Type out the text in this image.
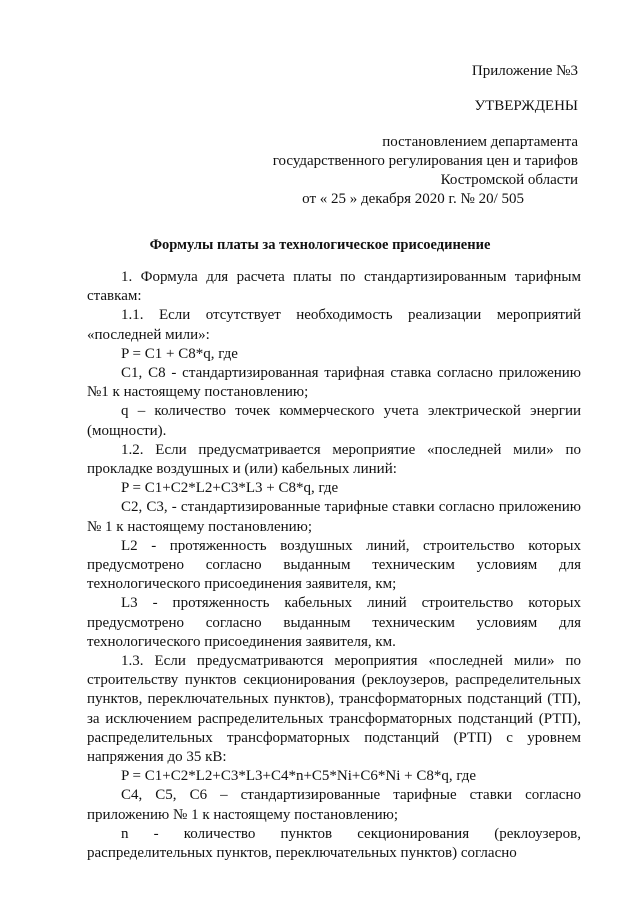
Приложение №3
УТВЕРЖДЕНЫ
постановлением департамента
государственного регулирования цен и тарифов
Костромской области
от « 25 » декабря 2020 г. № 20/ 505
Формулы платы за технологическое присоединение

1. Формула для расчета платы по стандартизированным тарифным ставкам:

1.1. Если отсутствует необходимость реализации мероприятий «последней мили»:

P = C1 + C8*q, где

C1, C8 - стандартизированная тарифная ставка согласно приложению №1 к настоящему постановлению;

q – количество точек коммерческого учета электрической энергии (мощности).

1.2. Если предусматривается мероприятие «последней мили» по прокладке воздушных и (или) кабельных линий:

P = C1+C2*L2+C3*L3 + C8*q, где

C2, C3, - стандартизированные тарифные ставки согласно приложению № 1 к настоящему постановлению;

L2 - протяженность воздушных линий, строительство которых предусмотрено согласно выданным техническим условиям для технологического присоединения заявителя, км;

L3 - протяженность кабельных линий строительство которых предусмотрено согласно выданным техническим условиям для технологического присоединения заявителя, км.

1.3. Если предусматриваются мероприятия «последней мили» по строительству пунктов секционирования (реклоузеров, распределительных пунктов, переключательных пунктов), трансформаторных подстанций (ТП), за исключением распределительных трансформаторных подстанций (РТП), распределительных трансформаторных подстанций (РТП) с уровнем напряжения до 35 кВ:

P = C1+C2*L2+C3*L3+C4*n+C5*Ni+C6*Ni + C8*q, где

C4, C5, C6 – стандартизированные тарифные ставки согласно приложению № 1 к настоящему постановлению;

n - количество пунктов секционирования (реклоузеров, распределительных пунктов, переключательных пунктов) согласно
